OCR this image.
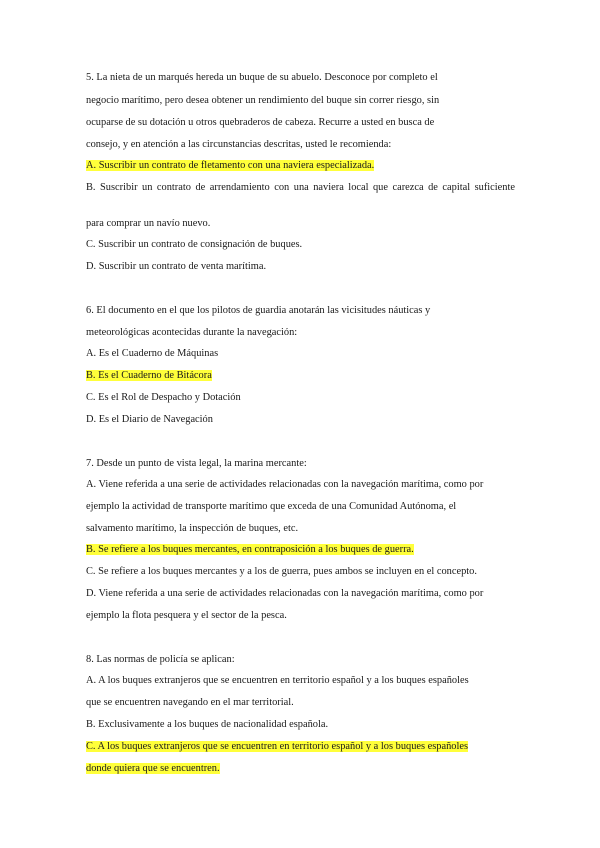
5. La nieta de un marqués hereda un buque de su abuelo. Desconoce por completo el
negocio marítimo, pero desea obtener un rendimiento del buque sin correr riesgo, sin
ocuparse de su dotación u otros quebraderos de cabeza. Recurre a usted en busca de
consejo, y en atención a las circunstancias descritas, usted le recomienda:
A. Suscribir un contrato de fletamento con una naviera especializada.
B. Suscribir un contrato de arrendamiento con una naviera local que carezca de capital suficiente
para comprar un navío nuevo.
C. Suscribir un contrato de consignación de buques.
D. Suscribir un contrato de venta marítima.
6. El documento en el que los pilotos de guardia anotarán las vicisitudes náuticas y
meteorológicas acontecidas durante la navegación:
A. Es el Cuaderno de Máquinas
B. Es el Cuaderno de Bitácora
C. Es el Rol de Despacho y Dotación
D. Es el Diario de Navegación
7. Desde un punto de vista legal, la marina mercante:
A. Viene referida a una serie de actividades relacionadas con la navegación marítima, como por
ejemplo la actividad de transporte marítimo que exceda de una Comunidad Autónoma, el
salvamento marítimo, la inspección de buques, etc.
B. Se refiere a los buques mercantes, en contraposición a los buques de guerra.
C. Se refiere a los buques mercantes y a los de guerra, pues ambos se incluyen en el concepto.
D. Viene referida a una serie de actividades relacionadas con la navegación marítima, como por
ejemplo la flota pesquera y el sector de la pesca.
8. Las normas de policía se aplican:
A. A los buques extranjeros que se encuentren en territorio español y a los buques españoles
que se encuentren navegando en el mar territorial.
B. Exclusivamente a los buques de nacionalidad española.
C. A los buques extranjeros que se encuentren en territorio español y a los buques españoles
donde quiera que se encuentren.
